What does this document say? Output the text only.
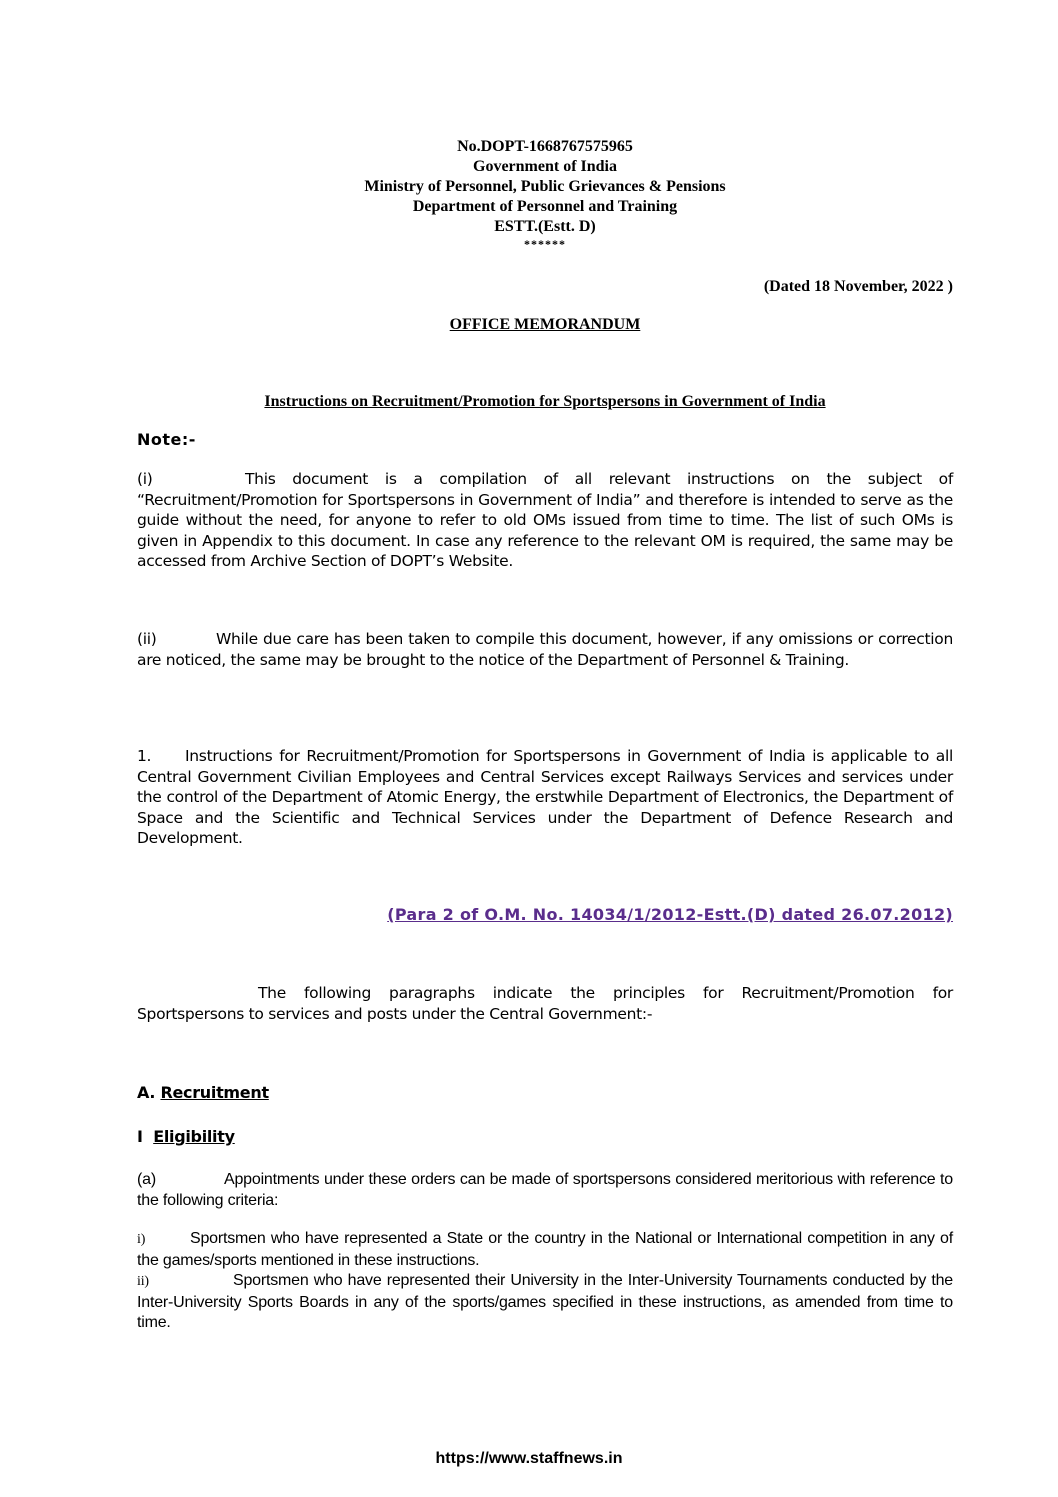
No.DOPT-1668767575965
Government of India
Ministry of Personnel, Public Grievances & Pensions
Department of Personnel and Training
ESTT.(Estt. D)
******
(Dated 18 November, 2022 )
OFFICE MEMORANDUM
Instructions on Recruitment/Promotion for Sportspersons in Government of India
Note:-
(i)	This document is a compilation of all relevant instructions on the subject of “Recruitment/Promotion for Sportspersons in Government of India” and therefore is intended to serve as the guide without the need, for anyone to refer to old OMs issued from time to time. The list of such OMs is given in Appendix to this document. In case any reference to the relevant OM is required, the same may be accessed from Archive Section of DOPT’s Website.
(ii)	While due care has been taken to compile this document, however, if any omissions or correction are noticed, the same may be brought to the notice of the Department of Personnel & Training.
1. Instructions for Recruitment/Promotion for Sportspersons in Government of India is applicable to all Central Government Civilian Employees and Central Services except Railways Services and services under the control of the Department of Atomic Energy, the erstwhile Department of Electronics, the Department of Space and the Scientific and Technical Services under the Department of Defence Research and Development.
(Para 2 of O.M. No. 14034/1/2012-Estt.(D) dated 26.07.2012)
The following paragraphs indicate the principles for Recruitment/Promotion for Sportspersons to services and posts under the Central Government:-
A. Recruitment
I Eligibility
(a)	Appointments under these orders can be made of sportspersons considered meritorious with reference to the following criteria:
i)	Sportsmen who have represented a State or the country in the National or International competition in any of the games/sports mentioned in these instructions.
ii)	Sportsmen who have represented their University in the Inter-University Tournaments conducted by the Inter-University Sports Boards in any of the sports/games specified in these instructions, as amended from time to time.
https://www.staffnews.in
